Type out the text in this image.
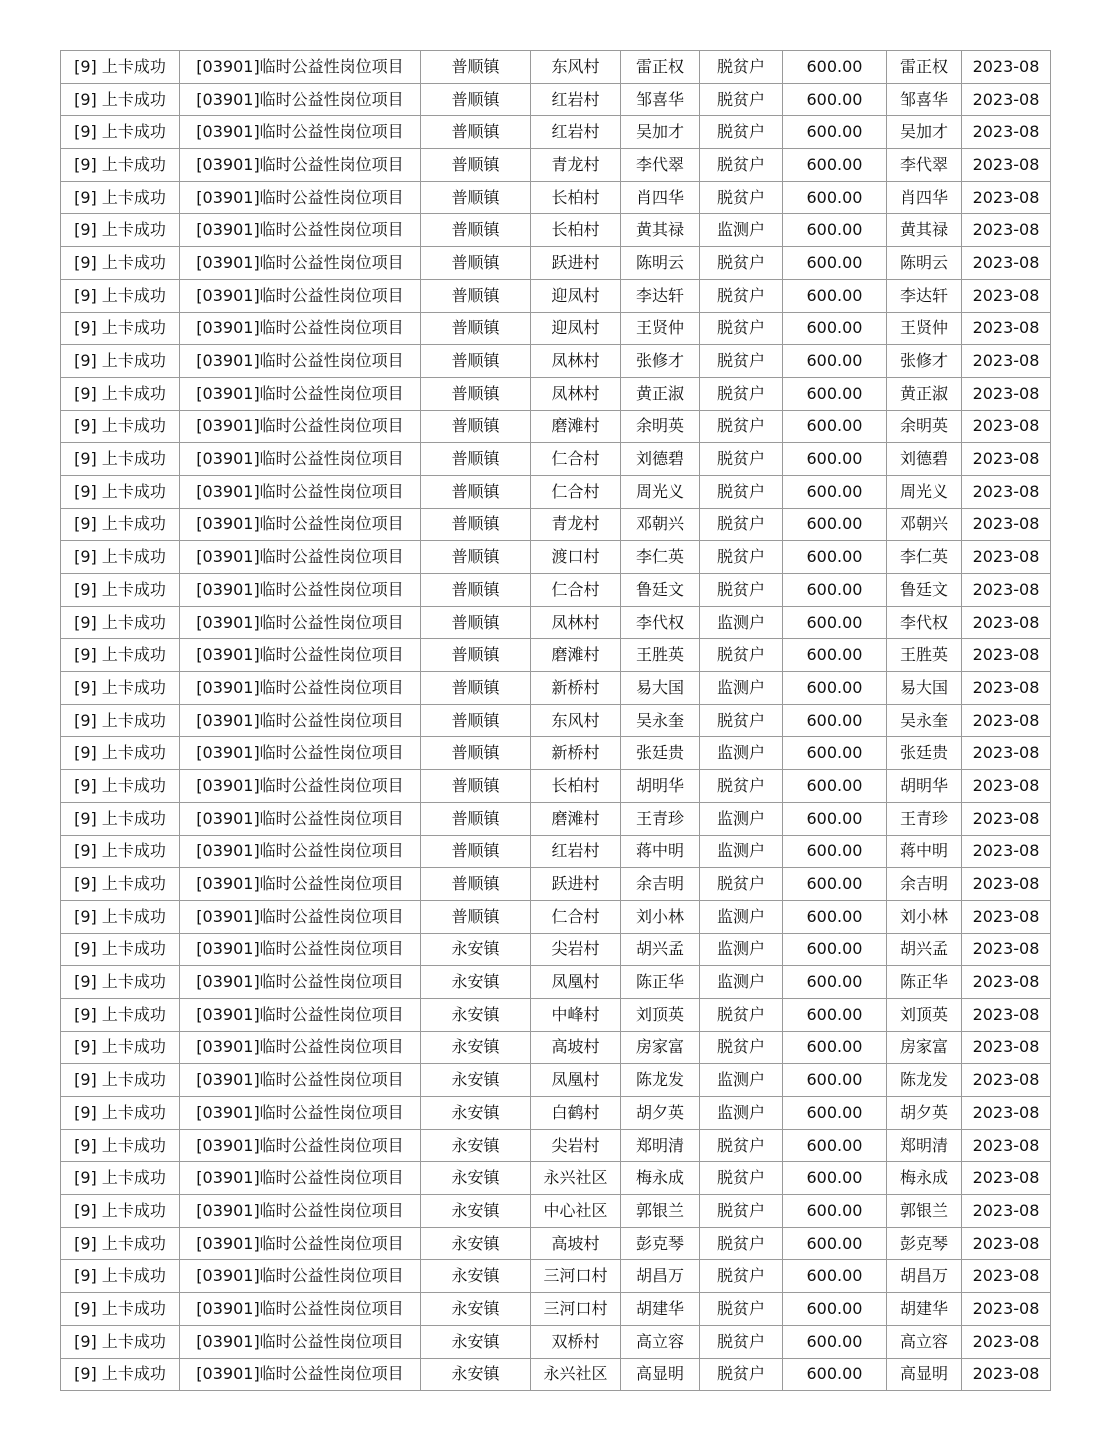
[9] 上卡成功	[03901]临时公益性岗位项目	普顺镇	东风村	雷正权	脱贫户	600.00	雷正权	2023-08
[9] 上卡成功	[03901]临时公益性岗位项目	普顺镇	红岩村	邹喜华	脱贫户	600.00	邹喜华	2023-08
[9] 上卡成功	[03901]临时公益性岗位项目	普顺镇	红岩村	吴加才	脱贫户	600.00	吴加才	2023-08
[9] 上卡成功	[03901]临时公益性岗位项目	普顺镇	青龙村	李代翠	脱贫户	600.00	李代翠	2023-08
[9] 上卡成功	[03901]临时公益性岗位项目	普顺镇	长柏村	肖四华	脱贫户	600.00	肖四华	2023-08
[9] 上卡成功	[03901]临时公益性岗位项目	普顺镇	长柏村	黄其禄	监测户	600.00	黄其禄	2023-08
[9] 上卡成功	[03901]临时公益性岗位项目	普顺镇	跃进村	陈明云	脱贫户	600.00	陈明云	2023-08
[9] 上卡成功	[03901]临时公益性岗位项目	普顺镇	迎凤村	李达轩	脱贫户	600.00	李达轩	2023-08
[9] 上卡成功	[03901]临时公益性岗位项目	普顺镇	迎凤村	王贤仲	脱贫户	600.00	王贤仲	2023-08
[9] 上卡成功	[03901]临时公益性岗位项目	普顺镇	凤林村	张修才	脱贫户	600.00	张修才	2023-08
[9] 上卡成功	[03901]临时公益性岗位项目	普顺镇	凤林村	黄正淑	脱贫户	600.00	黄正淑	2023-08
[9] 上卡成功	[03901]临时公益性岗位项目	普顺镇	磨滩村	余明英	脱贫户	600.00	余明英	2023-08
[9] 上卡成功	[03901]临时公益性岗位项目	普顺镇	仁合村	刘德碧	脱贫户	600.00	刘德碧	2023-08
[9] 上卡成功	[03901]临时公益性岗位项目	普顺镇	仁合村	周光义	脱贫户	600.00	周光义	2023-08
[9] 上卡成功	[03901]临时公益性岗位项目	普顺镇	青龙村	邓朝兴	脱贫户	600.00	邓朝兴	2023-08
[9] 上卡成功	[03901]临时公益性岗位项目	普顺镇	渡口村	李仁英	脱贫户	600.00	李仁英	2023-08
[9] 上卡成功	[03901]临时公益性岗位项目	普顺镇	仁合村	鲁廷文	脱贫户	600.00	鲁廷文	2023-08
[9] 上卡成功	[03901]临时公益性岗位项目	普顺镇	凤林村	李代权	监测户	600.00	李代权	2023-08
[9] 上卡成功	[03901]临时公益性岗位项目	普顺镇	磨滩村	王胜英	脱贫户	600.00	王胜英	2023-08
[9] 上卡成功	[03901]临时公益性岗位项目	普顺镇	新桥村	易大国	监测户	600.00	易大国	2023-08
[9] 上卡成功	[03901]临时公益性岗位项目	普顺镇	东风村	吴永奎	脱贫户	600.00	吴永奎	2023-08
[9] 上卡成功	[03901]临时公益性岗位项目	普顺镇	新桥村	张廷贵	监测户	600.00	张廷贵	2023-08
[9] 上卡成功	[03901]临时公益性岗位项目	普顺镇	长柏村	胡明华	脱贫户	600.00	胡明华	2023-08
[9] 上卡成功	[03901]临时公益性岗位项目	普顺镇	磨滩村	王青珍	监测户	600.00	王青珍	2023-08
[9] 上卡成功	[03901]临时公益性岗位项目	普顺镇	红岩村	蒋中明	监测户	600.00	蒋中明	2023-08
[9] 上卡成功	[03901]临时公益性岗位项目	普顺镇	跃进村	余吉明	脱贫户	600.00	余吉明	2023-08
[9] 上卡成功	[03901]临时公益性岗位项目	普顺镇	仁合村	刘小林	监测户	600.00	刘小林	2023-08
[9] 上卡成功	[03901]临时公益性岗位项目	永安镇	尖岩村	胡兴孟	监测户	600.00	胡兴孟	2023-08
[9] 上卡成功	[03901]临时公益性岗位项目	永安镇	凤凰村	陈正华	监测户	600.00	陈正华	2023-08
[9] 上卡成功	[03901]临时公益性岗位项目	永安镇	中峰村	刘顶英	脱贫户	600.00	刘顶英	2023-08
[9] 上卡成功	[03901]临时公益性岗位项目	永安镇	高坡村	房家富	脱贫户	600.00	房家富	2023-08
[9] 上卡成功	[03901]临时公益性岗位项目	永安镇	凤凰村	陈龙发	监测户	600.00	陈龙发	2023-08
[9] 上卡成功	[03901]临时公益性岗位项目	永安镇	白鹤村	胡夕英	监测户	600.00	胡夕英	2023-08
[9] 上卡成功	[03901]临时公益性岗位项目	永安镇	尖岩村	郑明清	脱贫户	600.00	郑明清	2023-08
[9] 上卡成功	[03901]临时公益性岗位项目	永安镇	永兴社区	梅永成	脱贫户	600.00	梅永成	2023-08
[9] 上卡成功	[03901]临时公益性岗位项目	永安镇	中心社区	郭银兰	脱贫户	600.00	郭银兰	2023-08
[9] 上卡成功	[03901]临时公益性岗位项目	永安镇	高坡村	彭克琴	脱贫户	600.00	彭克琴	2023-08
[9] 上卡成功	[03901]临时公益性岗位项目	永安镇	三河口村	胡昌万	脱贫户	600.00	胡昌万	2023-08
[9] 上卡成功	[03901]临时公益性岗位项目	永安镇	三河口村	胡建华	脱贫户	600.00	胡建华	2023-08
[9] 上卡成功	[03901]临时公益性岗位项目	永安镇	双桥村	高立容	脱贫户	600.00	高立容	2023-08
[9] 上卡成功	[03901]临时公益性岗位项目	永安镇	永兴社区	高显明	脱贫户	600.00	高显明	2023-08
